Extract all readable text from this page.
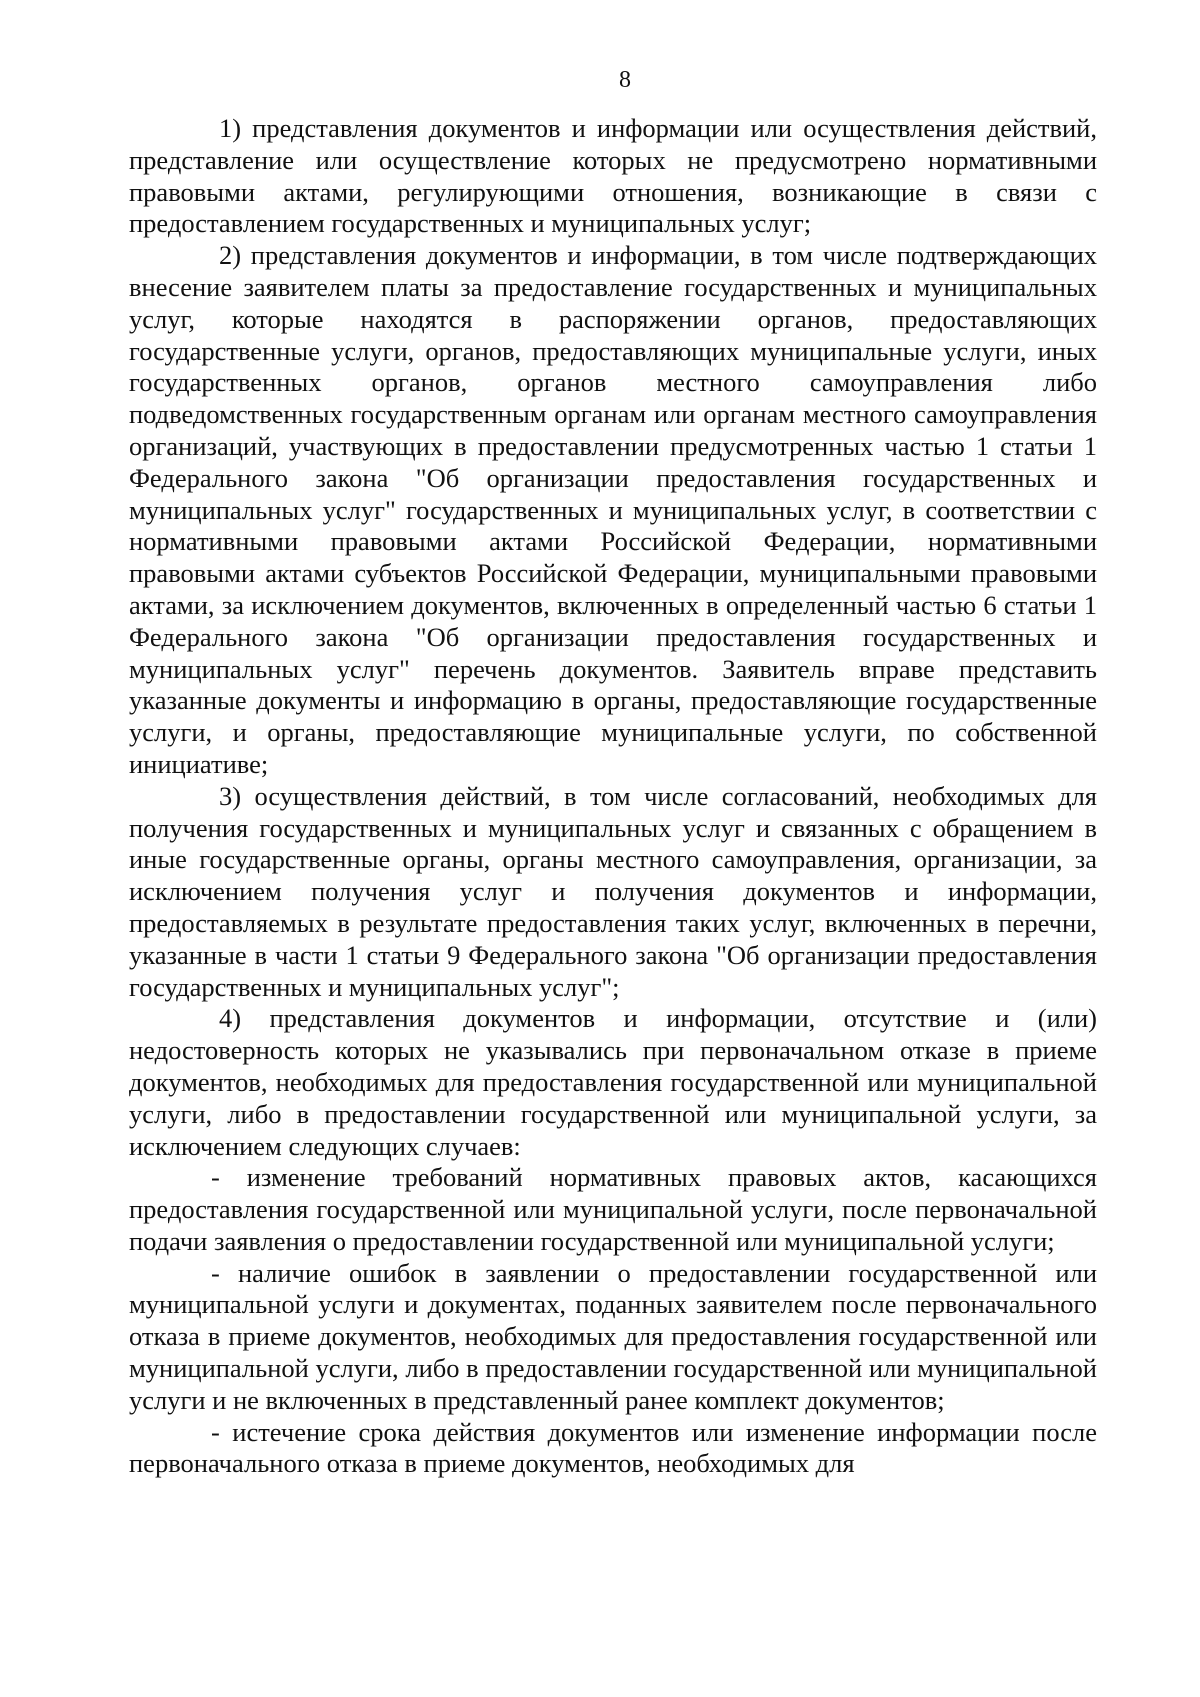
8

1) представления документов и информации или осуществления действий, представление или осуществление которых не предусмотрено нормативными правовыми актами, регулирующими отношения, возникающие в связи с предоставлением государственных и муниципальных услуг;

2) представления документов и информации, в том числе подтверждающих внесение заявителем платы за предоставление государственных и муниципальных услуг, которые находятся в распоряжении органов, предоставляющих государственные услуги, органов, предоставляющих муниципальные услуги, иных государственных органов, органов местного самоуправления либо подведомственных государственным органам или органам местного самоуправления организаций, участвующих в предоставлении предусмотренных частью 1 статьи 1 Федерального закона "Об организации предоставления государственных и муниципальных услуг" государственных и муниципальных услуг, в соответствии с нормативными правовыми актами Российской Федерации, нормативными правовыми актами субъектов Российской Федерации, муниципальными правовыми актами, за исключением документов, включенных в определенный частью 6 статьи 1 Федерального закона "Об организации предоставления государственных и муниципальных услуг" перечень документов. Заявитель вправе представить указанные документы и информацию в органы, предоставляющие государственные услуги, и органы, предоставляющие муниципальные услуги, по собственной инициативе;

3) осуществления действий, в том числе согласований, необходимых для получения государственных и муниципальных услуг и связанных с обращением в иные государственные органы, органы местного самоуправления, организации, за исключением получения услуг и получения документов и информации, предоставляемых в результате предоставления таких услуг, включенных в перечни, указанные в части 1 статьи 9 Федерального закона "Об организации предоставления государственных и муниципальных услуг";

4) представления документов и информации, отсутствие и (или) недостоверность которых не указывались при первоначальном отказе в приеме документов, необходимых для предоставления государственной или муниципальной услуги, либо в предоставлении государственной или муниципальной услуги, за исключением следующих случаев:

- изменение требований нормативных правовых актов, касающихся предоставления государственной или муниципальной услуги, после первоначальной подачи заявления о предоставлении государственной или муниципальной услуги;

- наличие ошибок в заявлении о предоставлении государственной или муниципальной услуги и документах, поданных заявителем после первоначального отказа в приеме документов, необходимых для предоставления государственной или муниципальной услуги, либо в предоставлении государственной или муниципальной услуги и не включенных в представленный ранее комплект документов;

- истечение срока действия документов или изменение информации после первоначального отказа в приеме документов, необходимых для
